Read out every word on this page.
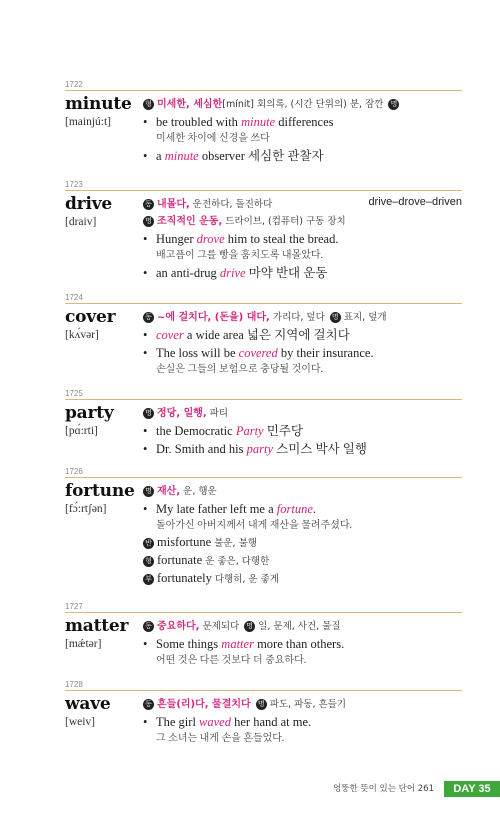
1722
minute
[mainjú:t]
형 미세한, 세심한[mínit] 회의록, (시간 단위의) 분, 잠깐 명
• be troubled with minute differences
미세한 차이에 신경을 쓰다
• a minute observer 세심한 관찰자
1723
drive
[draiv]
drive–drove–driven
동 내몰다, 운전하다, 돌진하다
명 조직적인 운동, 드라이브, (컴퓨터) 구동 장치
• Hunger drove him to steal the bread.
배고픔이 그를 빵을 훔치도록 내몰았다.
• an anti-drug drive 마약 반대 운동
1724
cover
[kʌ́vər]
동 ~에 걸치다, (돈을) 대다, 가리다, 덮다 명 표지, 덮개
• cover a wide area 넓은 지역에 걸치다
• The loss will be covered by their insurance.
손실은 그들의 보험으로 충당될 것이다.
1725
party
[pɑ́:rti]
명 정당, 일행, 파티
• the Democratic Party 민주당
• Dr. Smith and his party 스미스 박사 일행
1726
fortune
[fɔ́:rtʃən]
명 재산, 운, 행운
• My late father left me a fortune.
돌아가신 아버지께서 내게 재산을 물려주셨다.
반 misfortune 불운, 불행
형 fortunate 운 좋은, 다행한
부 fortunately 다행히, 운 좋게
1727
matter
[mǽtər]
동 중요하다, 문제되다 명 일, 문제, 사건, 물질
• Some things matter more than others.
어떤 것은 다른 것보다 더 중요하다.
1728
wave
[weiv]
동 흔들(리)다, 물결치다 명 파도, 파동, 흔들기
• The girl waved her hand at me.
그 소녀는 내게 손을 흔들었다.
엉뚱한 뜻이 있는 단어 261	DAY 35
